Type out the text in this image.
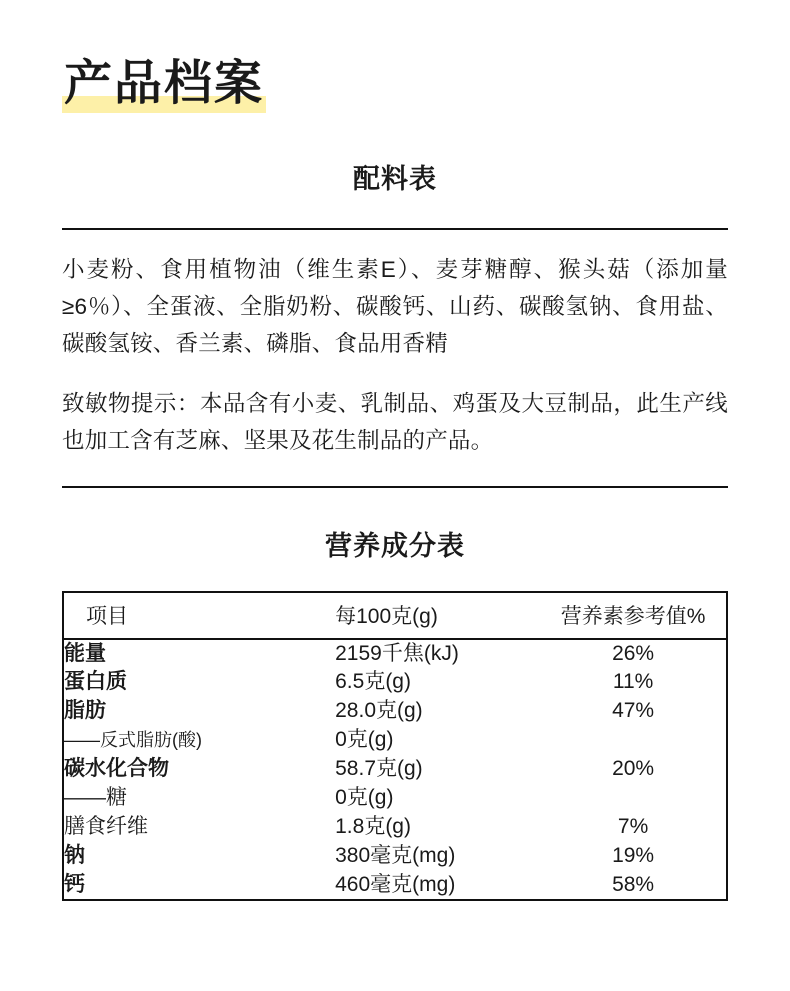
产品档案
配料表
小麦粉、食用植物油（维生素E）、麦芽糖醇、猴头菇（添加量≥6％）、全蛋液、全脂奶粉、碳酸钙、山药、碳酸氢钠、食用盐、碳酸氢铵、香兰素、磷脂、食品用香精
致敏物提示：本品含有小麦、乳制品、鸡蛋及大豆制品，此生产线也加工含有芝麻、坚果及花生制品的产品。
营养成分表
项目	每100克(g)	营养素参考值%
能量	2159千焦(kJ)	26%
蛋白质	6.5克(g)	11%
脂肪	28.0克(g)	47%
——反式脂肪(酸)	0克(g)	
碳水化合物	58.7克(g)	20%
——糖	0克(g)	
膳食纤维	1.8克(g)	7%
钠	380毫克(mg)	19%
钙	460毫克(mg)	58%
